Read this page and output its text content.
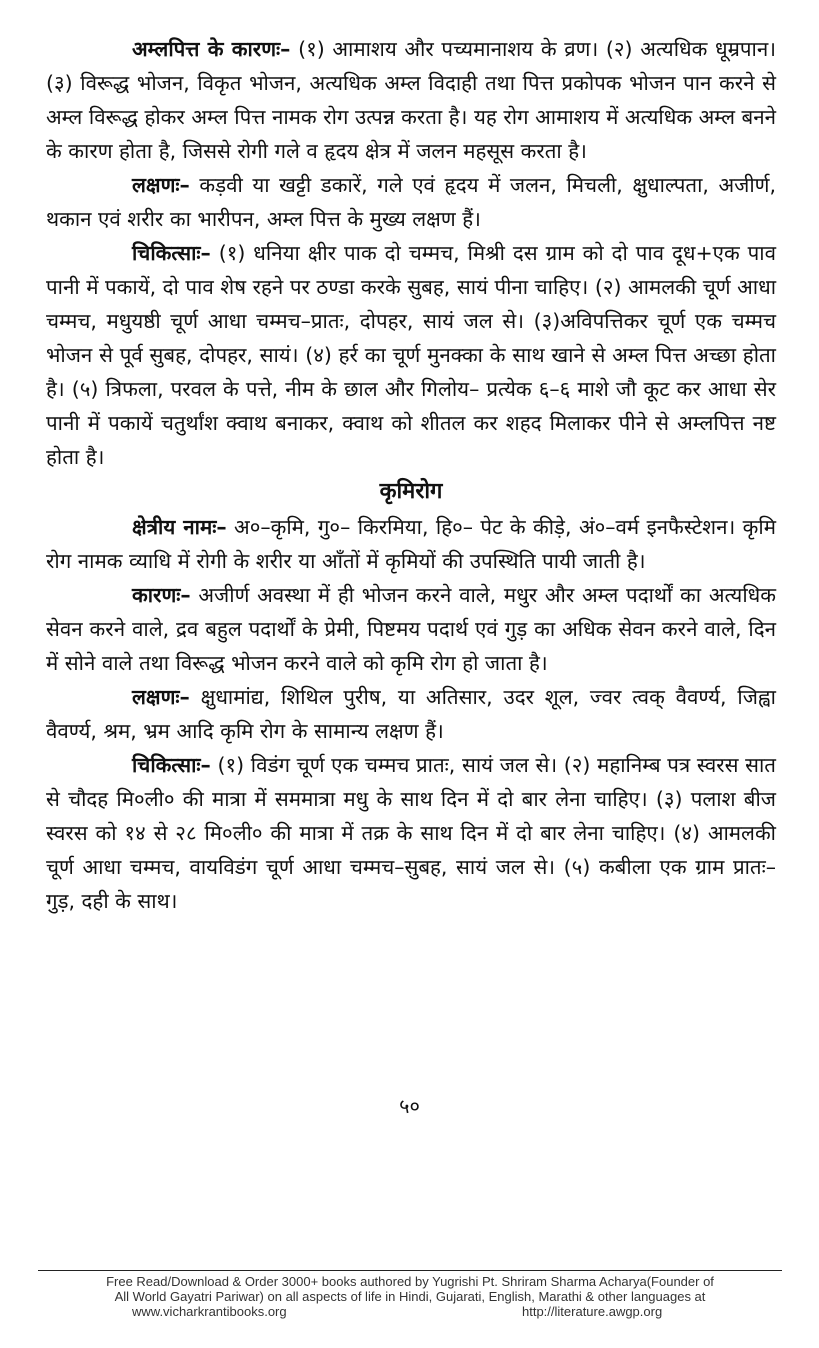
अम्लपित्त के कारणः– (१) आमाशय और पच्यमानाशय के व्रण। (२) अत्यधिक धूम्रपान। (३) विरूद्ध भोजन, विकृत भोजन, अत्यधिक अम्ल विदाही तथा पित्त प्रकोपक भोजन पान करने से अम्ल विरूद्ध होकर अम्ल पित्त नामक रोग उत्पन्न करता है। यह रोग आमाशय में अत्यधिक अम्ल बनने के कारण होता है, जिससे रोगी गले व हृदय क्षेत्र में जलन महसूस करता है।

लक्षणः– कड़वी या खट्टी डकारें, गले एवं हृदय में जलन, मिचली, क्षुधाल्पता, अजीर्ण, थकान एवं शरीर का भारीपन, अम्ल पित्त के मुख्य लक्षण हैं।

चिकित्साः– (१) धनिया क्षीर पाक दो चम्मच, मिश्री दस ग्राम को दो पाव दूध+एक पाव पानी में पकायें, दो पाव शेष रहने पर ठण्डा करके सुबह, सायं पीना चाहिए। (२) आमलकी चूर्ण आधा चम्मच, मधुयष्ठी चूर्ण आधा चम्मच–प्रातः, दोपहर, सायं जल से। (३)अविपत्तिकर चूर्ण एक चम्मच भोजन से पूर्व सुबह, दोपहर, सायं। (४) हर्र का चूर्ण मुनक्का के साथ खाने से अम्ल पित्त अच्छा होता है। (५) त्रिफला, परवल के पत्ते, नीम के छाल और गिलोय– प्रत्येक ६–६ माशे जौ कूट कर आधा सेर पानी में पकायें चतुर्थांश क्वाथ बनाकर, क्वाथ को शीतल कर शहद मिलाकर पीने से अम्लपित्त नष्ट होता है।

कृमिरोग

क्षेत्रीय नामः– अ०–कृमि, गु०– किरमिया, हि०– पेट के कीड़े, अं०–वर्म इनफैस्टेशन। कृमि रोग नामक व्याधि में रोगी के शरीर या आँतों में कृमियों की उपस्थिति पायी जाती है।

कारणः– अजीर्ण अवस्था में ही भोजन करने वाले, मधुर और अम्ल पदार्थों का अत्यधिक सेवन करने वाले, द्रव बहुल पदार्थों के प्रेमी, पिष्टमय पदार्थ एवं गुड़ का अधिक सेवन करने वाले, दिन में सोने वाले तथा विरूद्ध भोजन करने वाले को कृमि रोग हो जाता है।

लक्षणः– क्षुधामांद्य, शिथिल पुरीष, या अतिसार, उदर शूल, ज्वर त्वक् वैवर्ण्य, जिह्वा वैवर्ण्य, श्रम, भ्रम आदि कृमि रोग के सामान्य लक्षण हैं।

चिकित्साः– (१) विडंग चूर्ण एक चम्मच प्रातः, सायं जल से। (२) महानिम्ब पत्र स्वरस सात से चौदह मि०ली० की मात्रा में सममात्रा मधु के साथ दिन में दो बार लेना चाहिए। (३) पलाश बीज स्वरस को १४ से २८ मि०ली० की मात्रा में तक्र के साथ दिन में दो बार लेना चाहिए। (४) आमलकी चूर्ण आधा चम्मच, वायविडंग चूर्ण आधा चम्मच–सुबह, सायं जल से। (५) कबीला एक ग्राम प्रातः– गुड़, दही के साथ।

५०
Free Read/Download & Order 3000+ books authored by Yugrishi Pt. Shriram Sharma Acharya(Founder of
All World Gayatri Pariwar) on all aspects of life in Hindi, Gujarati, English, Marathi & other languages at
www.vicharkrantibooks.org	http://literature.awgp.org
